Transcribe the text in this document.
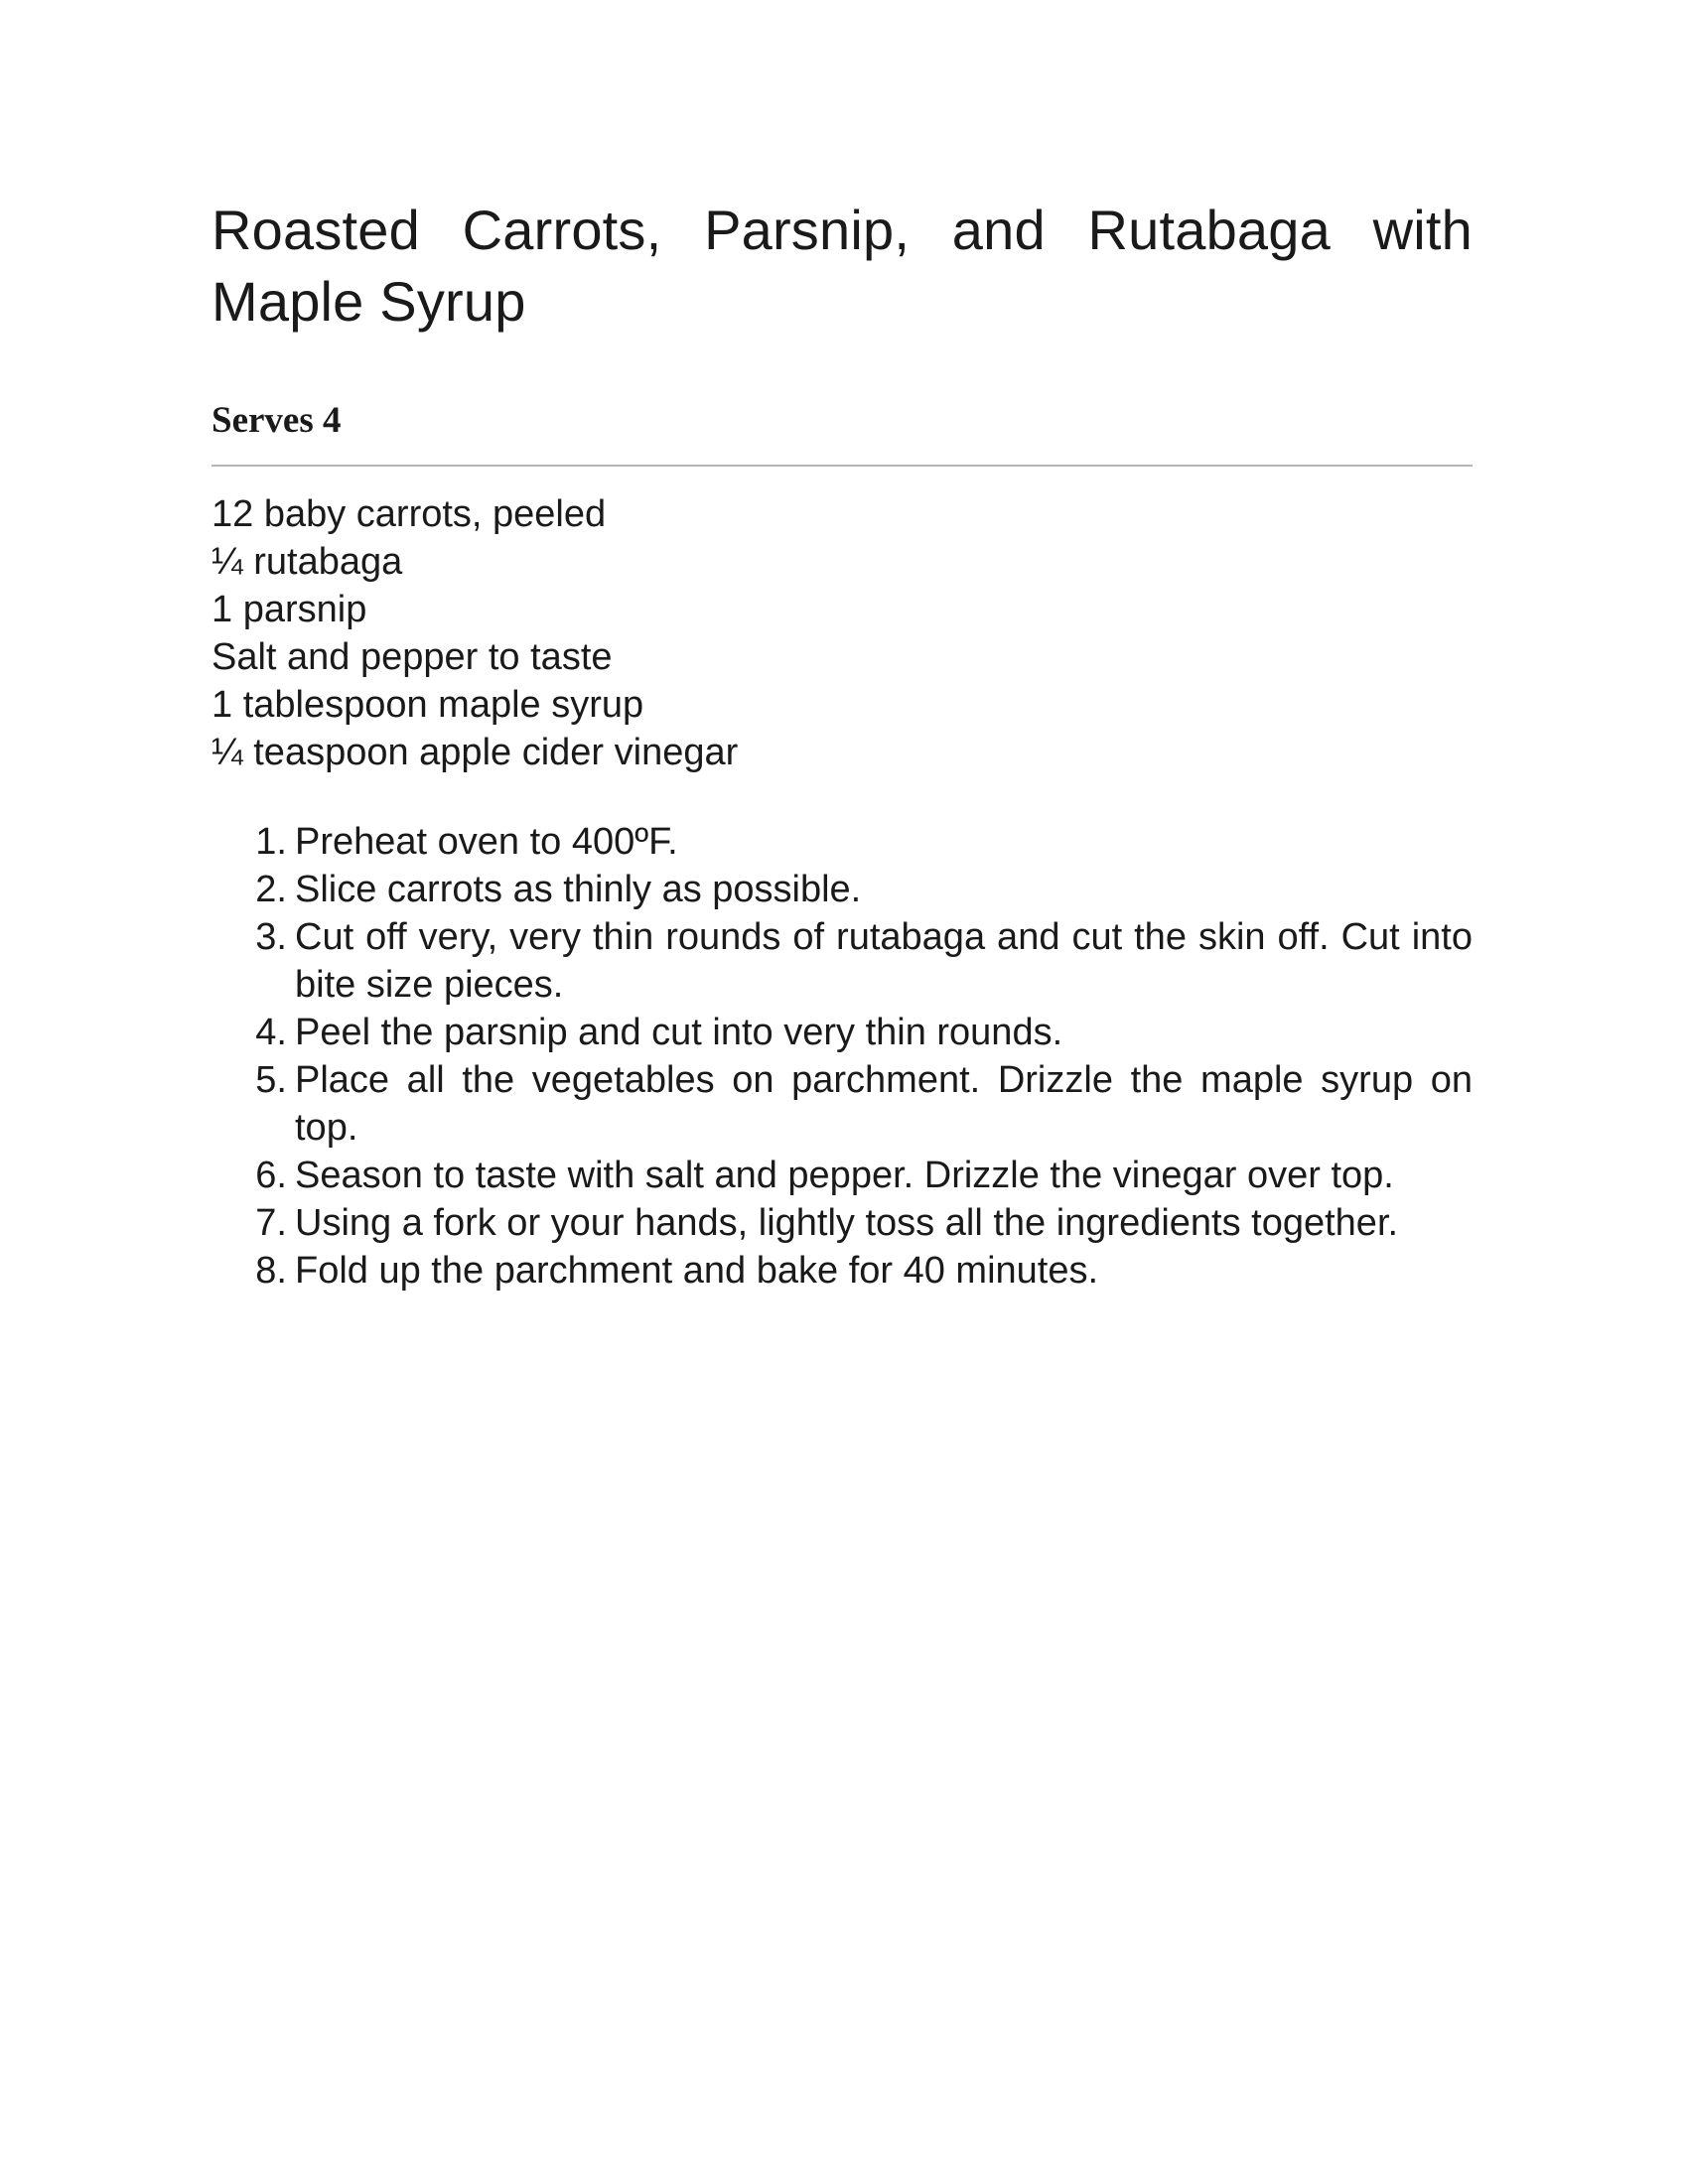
Roasted Carrots, Parsnip, and Rutabaga with Maple Syrup
Serves 4
12 baby carrots, peeled
¼ rutabaga
1 parsnip
Salt and pepper to taste
1 tablespoon maple syrup
¼ teaspoon apple cider vinegar
1. Preheat oven to 400ºF.
2. Slice carrots as thinly as possible.
3. Cut off very, very thin rounds of rutabaga and cut the skin off. Cut into bite size pieces.
4. Peel the parsnip and cut into very thin rounds.
5. Place all the vegetables on parchment. Drizzle the maple syrup on top.
6. Season to taste with salt and pepper. Drizzle the vinegar over top.
7. Using a fork or your hands, lightly toss all the ingredients together.
8. Fold up the parchment and bake for 40 minutes.
